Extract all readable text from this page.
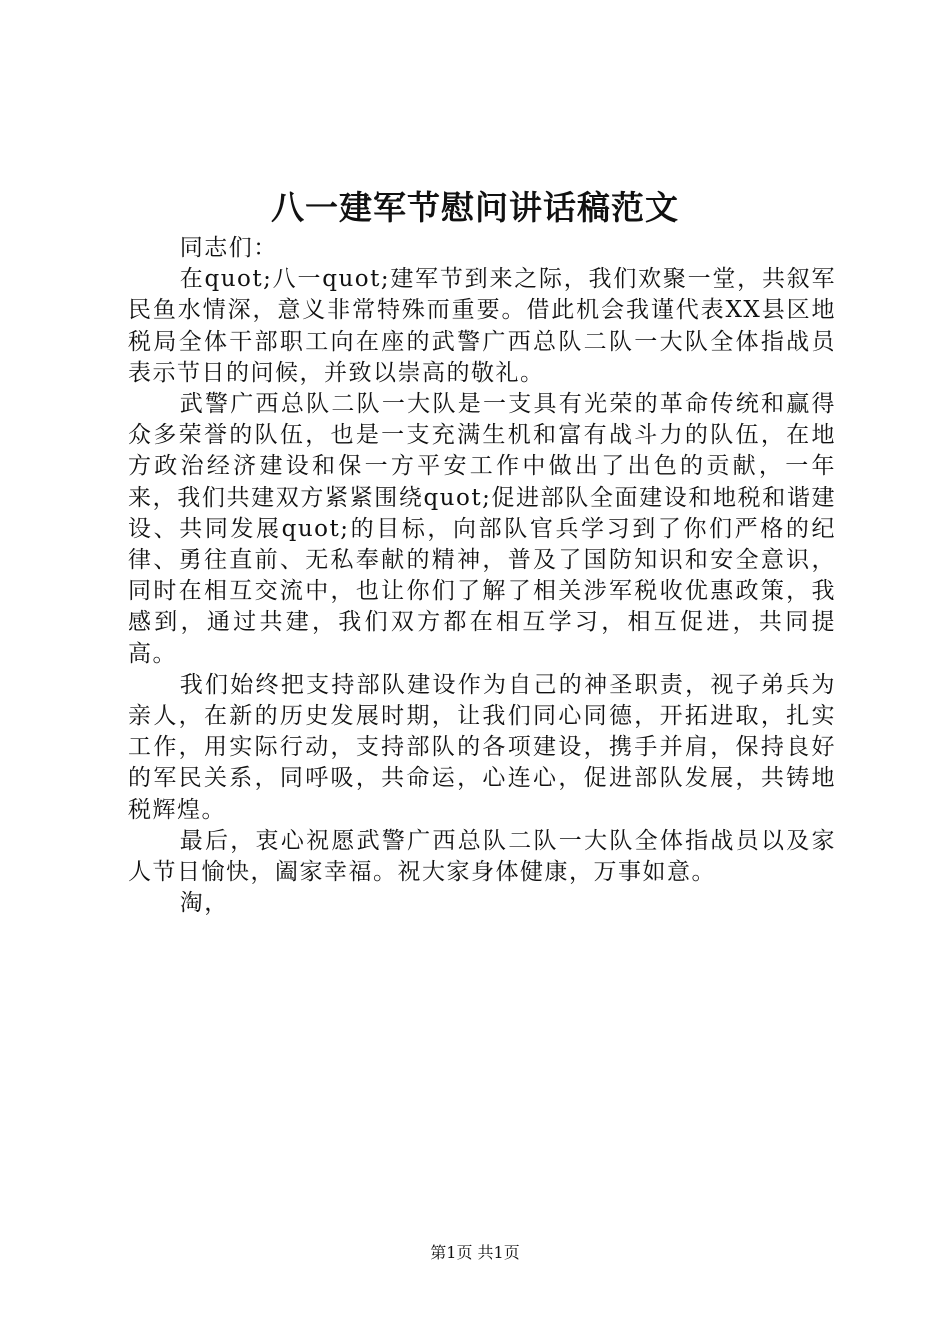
八一建军节慰问讲话稿范文

同志们：

在quot;八一quot;建军节到来之际，我们欢聚一堂，共叙军民鱼水情深，意义非常特殊而重要。借此机会我谨代表XX县区地税局全体干部职工向在座的武警广西总队二队一大队全体指战员表示节日的问候，并致以崇高的敬礼。

武警广西总队二队一大队是一支具有光荣的革命传统和赢得众多荣誉的队伍，也是一支充满生机和富有战斗力的队伍，在地方政治经济建设和保一方平安工作中做出了出色的贡献，一年来，我们共建双方紧紧围绕quot;促进部队全面建设和地税和谐建设、共同发展quot;的目标，向部队官兵学习到了你们严格的纪律、勇往直前、无私奉献的精神，普及了国防知识和安全意识，同时在相互交流中，也让你们了解了相关涉军税收优惠政策，我感到，通过共建，我们双方都在相互学习，相互促进，共同提高。

我们始终把支持部队建设作为自己的神圣职责，视子弟兵为亲人，在新的历史发展时期，让我们同心同德，开拓进取，扎实工作，用实际行动，支持部队的各项建设，携手并肩，保持良好的军民关系，同呼吸，共命运，心连心，促进部队发展，共铸地税辉煌。

最后，衷心祝愿武警广西总队二队一大队全体指战员以及家人节日愉快，阖家幸福。祝大家身体健康，万事如意。

淘，

第1页 共1页
